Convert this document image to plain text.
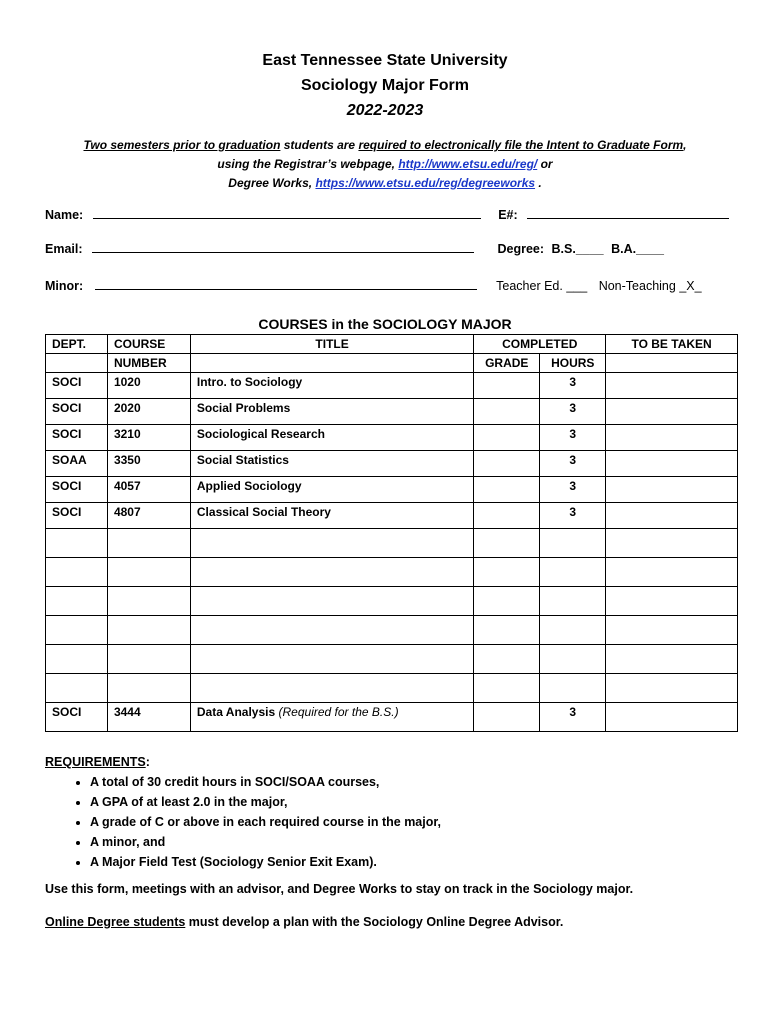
East Tennessee State University
Sociology Major Form
2022-2023
Two semesters prior to graduation students are required to electronically file the Intent to Graduate Form,
using the Registrar’s webpage, http://www.etsu.edu/reg/ or
Degree Works, https://www.etsu.edu/reg/degreeworks .
Name:	E#:
Email:	Degree: B.S.____ B.A.____
Minor:	Teacher Ed. ___ Non-Teaching _X_
COURSES in the SOCIOLOGY MAJOR
DEPT.	COURSE	TITLE	COMPLETED		TO BE TAKEN
	NUMBER		GRADE	HOURS	
SOCI	1020	Intro. to Sociology		3	
SOCI	2020	Social Problems		3	
SOCI	3210	Sociological Research		3	
SOAA	3350	Social Statistics		3	
SOCI	4057	Applied Sociology		3	
SOCI	4807	Classical Social Theory		3	

SOCI	3444	Data Analysis (Required for the B.S.)		3	
REQUIREMENTS:
• A total of 30 credit hours in SOCI/SOAA courses,
• A GPA of at least 2.0 in the major,
• A grade of C or above in each required course in the major,
• A minor, and
• A Major Field Test (Sociology Senior Exit Exam).
Use this form, meetings with an advisor, and Degree Works to stay on track in the Sociology major.
Online Degree students must develop a plan with the Sociology Online Degree Advisor.
